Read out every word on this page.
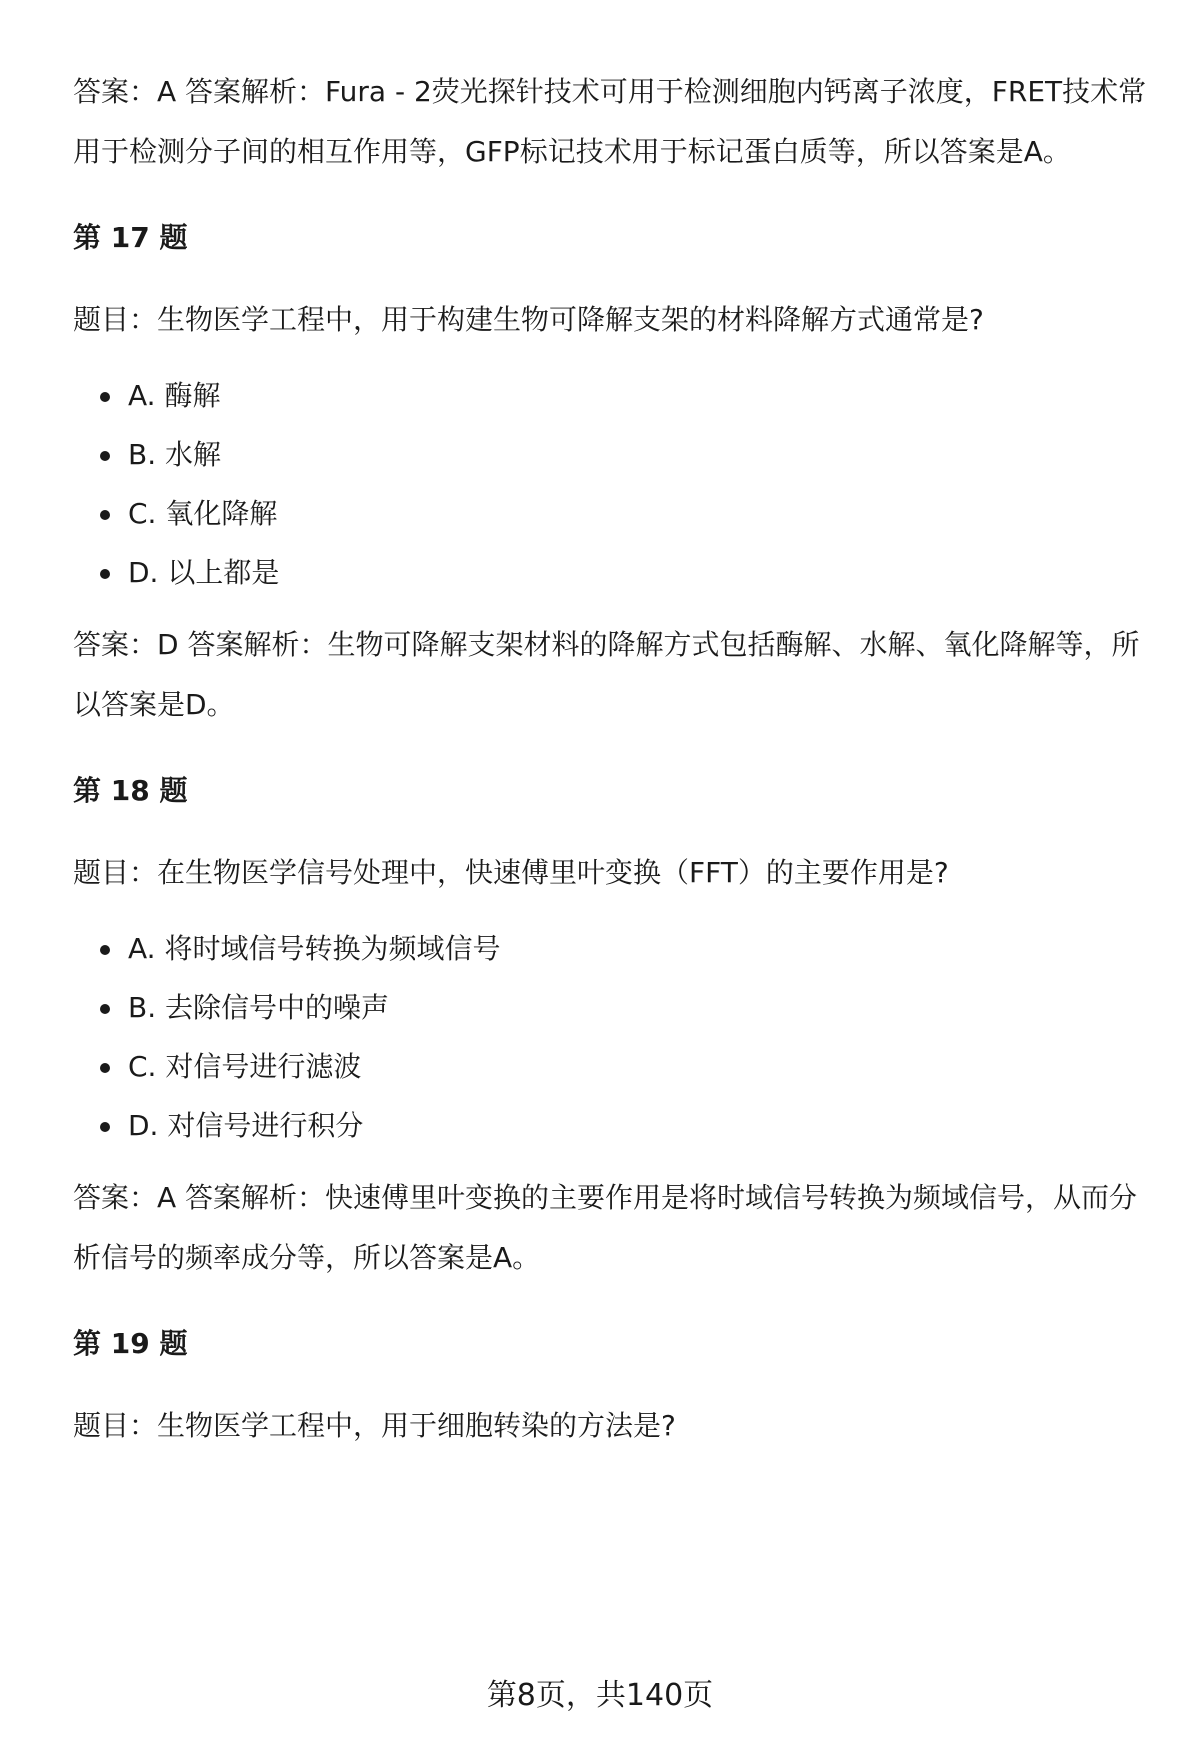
答案：A 答案解析：Fura - 2荧光探针技术可用于检测细胞内钙离子浓度，FRET技术常用于检测分子间的相互作用等，GFP标记技术用于标记蛋白质等，所以答案是A。

第 17 题

题目：生物医学工程中，用于构建生物可降解支架的材料降解方式通常是?

A. 酶解
B. 水解
C. 氧化降解
D. 以上都是

答案：D 答案解析：生物可降解支架材料的降解方式包括酶解、水解、氧化降解等，所以答案是D。

第 18 题

题目：在生物医学信号处理中，快速傅里叶变换（FFT）的主要作用是?

A. 将时域信号转换为频域信号
B. 去除信号中的噪声
C. 对信号进行滤波
D. 对信号进行积分

答案：A 答案解析：快速傅里叶变换的主要作用是将时域信号转换为频域信号，从而分析信号的频率成分等，所以答案是A。

第 19 题

题目：生物医学工程中，用于细胞转染的方法是?

第8页，共140页
